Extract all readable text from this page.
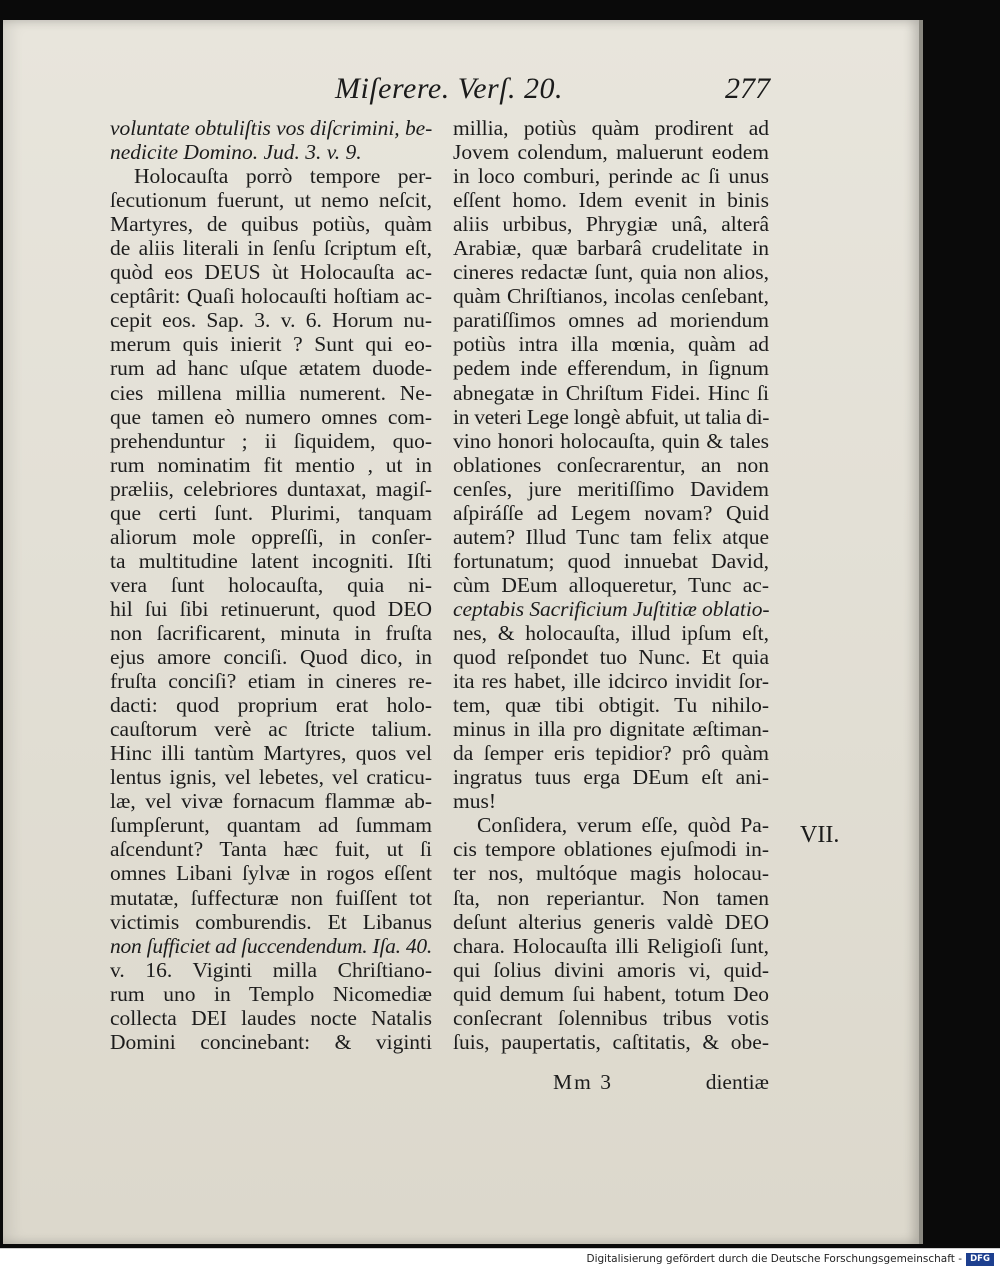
Miſerere. Verſ. 20.	277
voluntate obtuliſtis vos diſcrimini, be-
nedicite Domino. Jud. 3. v. 9.
Holocauſta porrò tempore per-
ſecutionum fuerunt, ut nemo neſcit,
Martyres, de quibus potiùs, quàm
de aliis literali in ſenſu ſcriptum eſt,
quòd eos DEUS ùt Holocauſta ac-
ceptârit: Quaſi holocauſti hoſtiam ac-
cepit eos. Sap. 3. v. 6. Horum nu-
merum quis inierit ? Sunt qui eo-
rum ad hanc uſque ætatem duode-
cies millena millia numerent. Ne-
que tamen eò numero omnes com-
prehenduntur ; ii ſiquidem, quo-
rum nominatim fit mentio , ut in
præliis, celebriores duntaxat, magiſ-
que certi ſunt. Plurimi, tanquam
aliorum mole oppreſſi, in conſer-
ta multitudine latent incogniti. Iſti
vera ſunt holocauſta, quia ni-
hil ſui ſibi retinuerunt, quod DEO
non ſacrificarent, minuta in fruſta
ejus amore conciſi. Quod dico, in
fruſta conciſi? etiam in cineres re-
dacti: quod proprium erat holo-
cauſtorum verè ac ſtricte talium.
Hinc illi tantùm Martyres, quos vel
lentus ignis, vel lebetes, vel craticu-
læ, vel vivæ fornacum flammæ ab-
ſumpſerunt, quantam ad ſummam
aſcendunt? Tanta hæc fuit, ut ſi
omnes Libani ſylvæ in rogos eſſent
mutatæ, ſuffecturæ non fuiſſent tot
victimis comburendis. Et Libanus
non ſufficiet ad ſuccendendum. Iſa. 40.
v. 16. Viginti milla Chriſtiano-
rum uno in Templo Nicomediæ
collecta DEI laudes nocte Natalis
Domini concinebant: & viginti
millia, potiùs quàm prodirent ad
Jovem colendum, maluerunt eodem
in loco comburi, perinde ac ſi unus
eſſent homo. Idem evenit in binis
aliis urbibus, Phrygiæ unâ, alterâ
Arabiæ, quæ barbarâ crudelitate in
cineres redactæ ſunt, quia non alios,
quàm Chriſtianos, incolas cenſebant,
paratiſſimos omnes ad moriendum
potiùs intra illa mœnia, quàm ad
pedem inde efferendum, in ſignum
abnegatæ in Chriſtum Fidei. Hinc ſi
in veteri Lege longè abfuit, ut talia di-
vino honori holocauſta, quin & tales
oblationes conſecrarentur, an non
cenſes, jure meritiſſimo Davidem
aſpiráſſe ad Legem novam? Quid
autem? Illud Tunc tam felix atque
fortunatum; quod innuebat David,
cùm DEum alloqueretur, Tunc ac-
ceptabis Sacrificium Juſtitiæ oblatio-
nes, & holocauſta, illud ipſum eſt,
quod reſpondet tuo Nunc. Et quia
ita res habet, ille idcirco invidit ſor-
tem, quæ tibi obtigit. Tu nihilo-
minus in illa pro dignitate æſtiman-
da ſemper eris tepidior? prô quàm
ingratus tuus erga DEum eſt ani-
mus!
Conſidera, verum eſſe, quòd Pa-
cis tempore oblationes ejuſmodi in-
ter nos, multóque magis holocau-
ſta, non reperiantur. Non tamen
deſunt alterius generis valdè DEO
chara. Holocauſta illi Religioſi ſunt,
qui ſolius divini amoris vi, quid-
quid demum ſui habent, totum Deo
conſecrant ſolennibus tribus votis
ſuis, paupertatis, caſtitatis, & obe-
VII.
Mm 3	dientiæ
Digitalisierung gefördert durch die Deutsche Forschungsgemeinschaft - DFG
